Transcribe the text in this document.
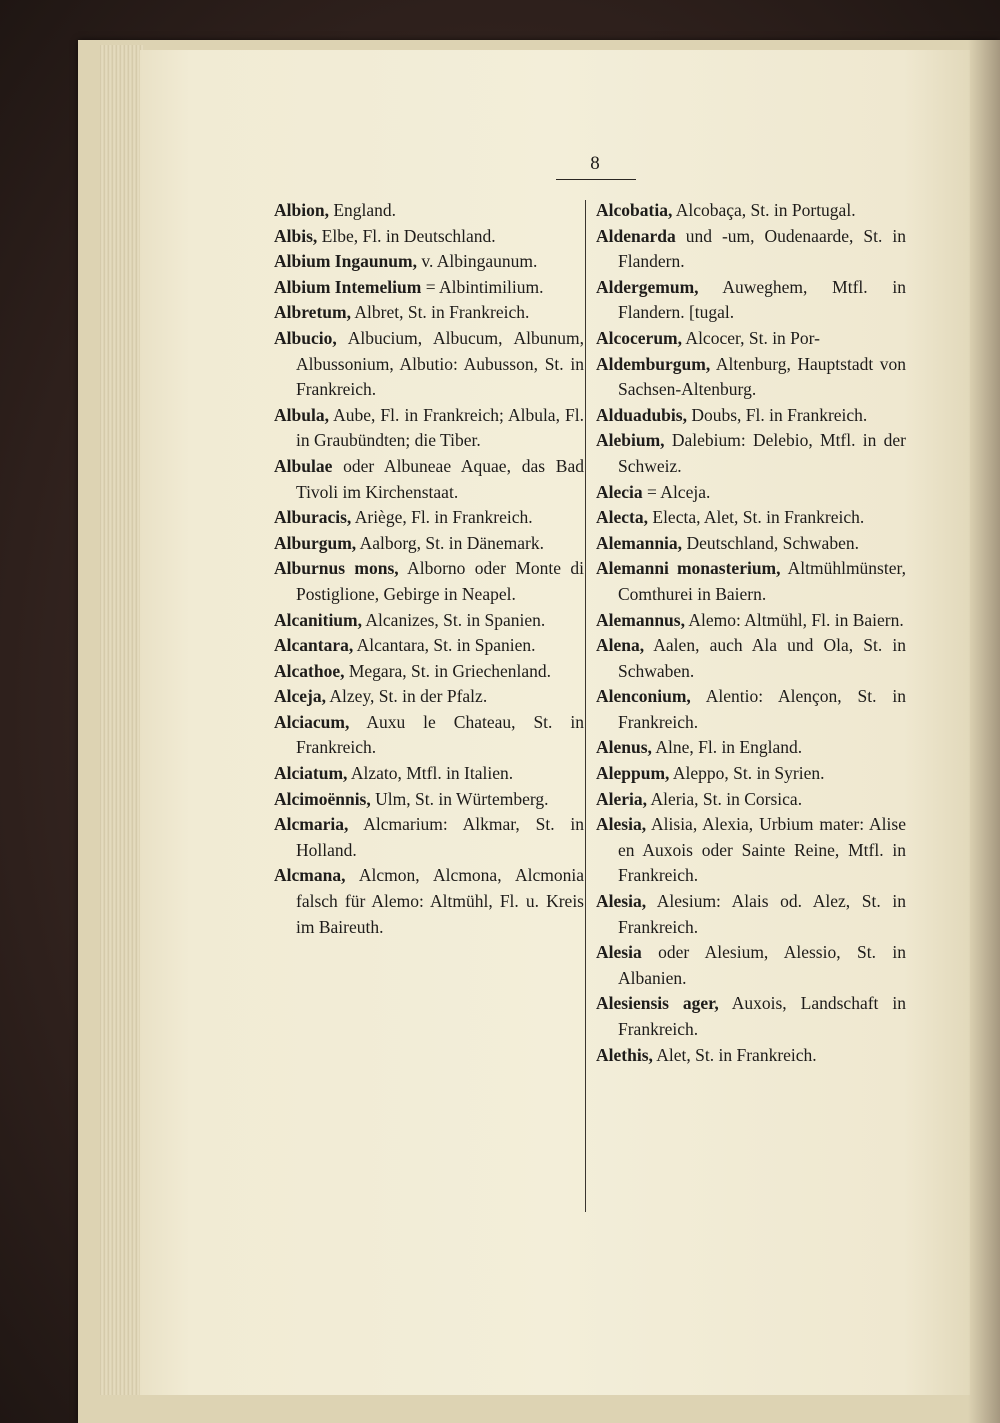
8
Albion, England.
Albis, Elbe, Fl. in Deutschland.
Albium Ingaunum, v. Albingaunum.
Albium Intemelium = Albintimilium.
Albretum, Albret, St. in Frankreich.
Albucio, Albucium, Albucum, Albunum, Albussonium, Albutio: Aubusson, St. in Frankreich.
Albula, Aube, Fl. in Frankreich; Albula, Fl. in Graubündten; die Tiber.
Albulae oder Albuneae Aquae, das Bad Tivoli im Kirchenstaat.
Alburacis, Ariège, Fl. in Frankreich.
Alburgum, Aalborg, St. in Dänemark.
Alburnus mons, Alborno oder Monte di Postiglione, Gebirge in Neapel.
Alcanitium, Alcanizes, St. in Spanien.
Alcantara, Alcantara, St. in Spanien.
Alcathoe, Megara, St. in Griechenland.
Alceja, Alzey, St. in der Pfalz.
Alciacum, Auxu le Chateau, St. in Frankreich.
Alciatum, Alzato, Mtfl. in Italien.
Alcimoënnis, Ulm, St. in Würtemberg.
Alcmaria, Alcmarium: Alkmar, St. in Holland.
Alcmana, Alcmon, Alcmona, Alcmonia falsch für Alemo: Altmühl, Fl. u. Kreis im Baireuth.
Alcobatia, Alcobaça, St. in Portugal.
Aldenarda und -um, Oudenaarde, St. in Flandern.
Aldergemum, Auweghem, Mtfl. in Flandern. [tugal.
Alcocerum, Alcocer, St. in Por-
Aldemburgum, Altenburg, Hauptstadt von Sachsen-Altenburg.
Alduadubis, Doubs, Fl. in Frankreich.
Alebium, Dalebium: Delebio, Mtfl. in der Schweiz.
Alecia = Alceja.
Alecta, Electa, Alet, St. in Frankreich.
Alemannia, Deutschland, Schwaben.
Alemanni monasterium, Altmühlmünster, Comthurei in Baiern.
Alemannus, Alemo: Altmühl, Fl. in Baiern.
Alena, Aalen, auch Ala und Ola, St. in Schwaben.
Alenconium, Alentio: Alençon, St. in Frankreich.
Alenus, Alne, Fl. in England.
Aleppum, Aleppo, St. in Syrien.
Aleria, Aleria, St. in Corsica.
Alesia, Alisia, Alexia, Urbium mater: Alise en Auxois oder Sainte Reine, Mtfl. in Frankreich.
Alesia, Alesium: Alais od. Alez, St. in Frankreich.
Alesia oder Alesium, Alessio, St. in Albanien.
Alesiensis ager, Auxois, Landschaft in Frankreich.
Alethis, Alet, St. in Frankreich.
